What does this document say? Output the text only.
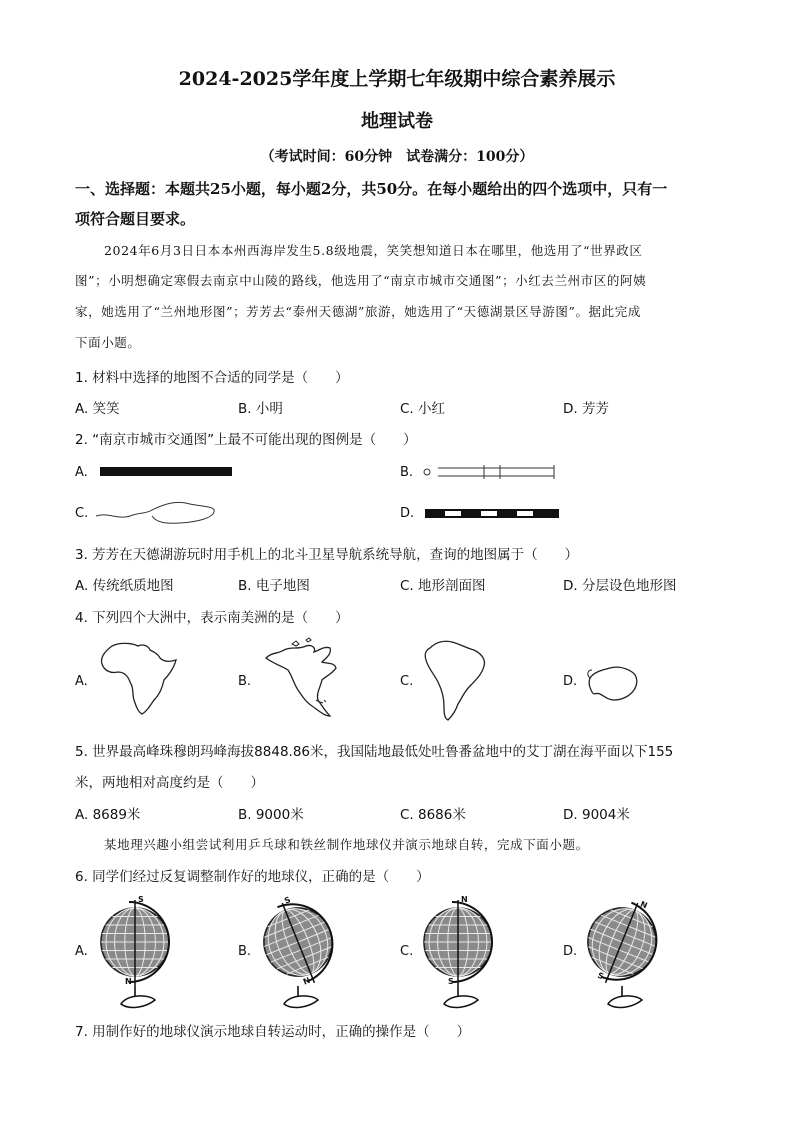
2024-2025学年度上学期七年级期中综合素养展示
地理试卷
（考试时间：60分钟　试卷满分：100分）
一、选择题：本题共25小题，每小题2分，共50分。在每小题给出的四个选项中，只有一
项符合题目要求。
2024年6月3日日本本州西海岸发生5.8级地震，笑笑想知道日本在哪里，他选用了“世界政区
图”；小明想确定寒假去南京中山陵的路线，他选用了“南京市城市交通图”；小红去兰州市区的阿姨
家，她选用了“兰州地形图”；芳芳去“泰州天德湖”旅游，她选用了“天德湖景区导游图”。据此完成
下面小题。
1. 材料中选择的地图不合适的同学是（　　）
A. 笑笑	B. 小明	C. 小红	D. 芳芳
2. “南京市城市交通图”上最不可能出现的图例是（　　）
A.	B.
C.	D.
3. 芳芳在天德湖游玩时用手机上的北斗卫星导航系统导航，查询的地图属于（　　）
A. 传统纸质地图	B. 电子地图	C. 地形剖面图	D. 分层设色地形图
4. 下列四个大洲中，表示南美洲的是（　　）
A.	B.	C.	D.
5. 世界最高峰珠穆朗玛峰海拔8848.86米，我国陆地最低处吐鲁番盆地中的艾丁湖在海平面以下155
米，两地相对高度约是（　　）
A. 8689米	B. 9000米	C. 8686米	D. 9004米
某地理兴趣小组尝试利用乒乓球和铁丝制作地球仪并演示地球自转，完成下面小题。
6. 同学们经过反复调整制作好的地球仪，正确的是（　　）
A.	B.	C.	D.
S
N
S
N
N
S
N
S
7. 用制作好的地球仪演示地球自转运动时，正确的操作是（　　）
